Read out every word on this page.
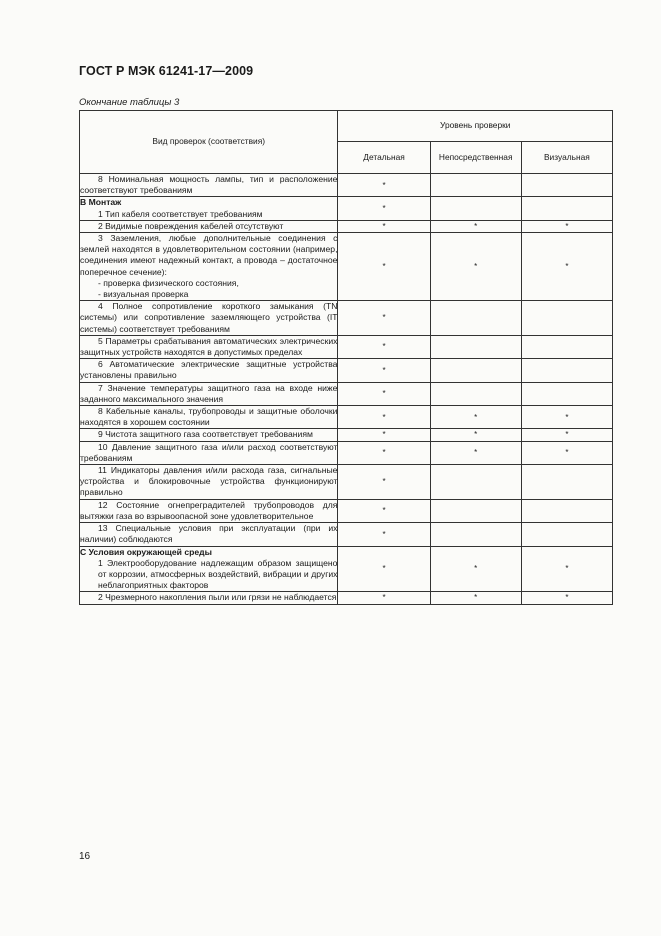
ГОСТ Р МЭК 61241-17—2009
Окончание таблицы 3
Вид проверок (соответствия)	Уровень проверки		
	Детальная	Непосредственная	Визуальная

8 Номинальная мощность лампы, тип и расположение соответствуют требованиям	*		

B Монтаж
1 Тип кабеля соответствует требованиям	*		

2 Видимые повреждения кабелей отсутствуют	*	*	*

3 Заземления, любые дополнительные соединения с землей находятся в удовлетворительном состоянии (например, соединения имеют надежный контакт, а провода – достаточное поперечное сечение):
- проверка физического состояния,
- визуальная проверка	*	*	*

4 Полное сопротивление короткого замыкания (TN системы) или сопротивление заземляющего устройства (IT системы) соответствует требованиям	*		

5 Параметры срабатывания автоматических электрических защитных устройств находятся в допустимых пределах	*		

6 Автоматические электрические защитные устройства установлены правильно	*		

7 Значение температуры защитного газа на входе ниже заданного максимального значения	*		

8 Кабельные каналы, трубопроводы и защитные оболочки находятся в хорошем состоянии	*	*	*

9 Чистота защитного газа соответствует требованиям	*	*	*

10 Давление защитного газа и/или расход соответствуют требованиям	*	*	*

11 Индикаторы давления и/или расхода газа, сигнальные устройства и блокировочные устройства функционируют правильно	*		

12 Состояние огнепреградителей трубопроводов для вытяжки газа во взрывоопасной зоне удовлетворительное	*		

13 Специальные условия при эксплуатации (при их наличии) соблюдаются	*		

C Условия окружающей среды
1 Электрооборудование надлежащим образом защищено от коррозии, атмосферных воздействий, вибрации и других неблагоприятных факторов	*	*	*

2 Чрезмерного накопления пыли или грязи не наблюдается	*	*	*
16
